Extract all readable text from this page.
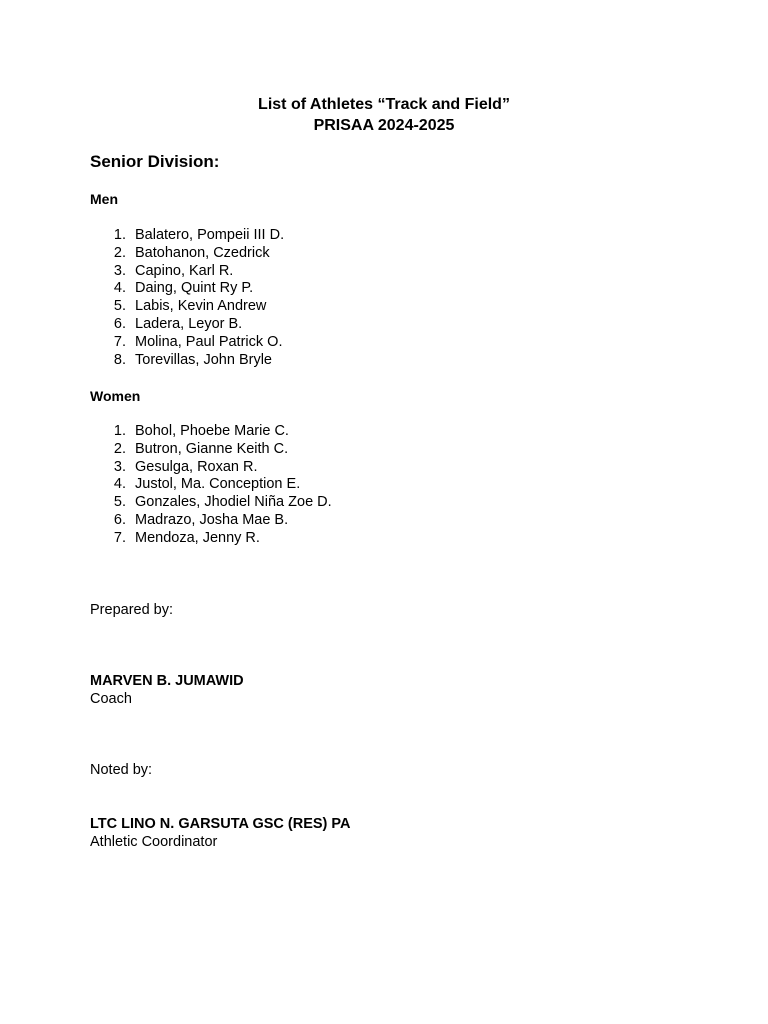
List of Athletes “Track and Field”
PRISAA 2024-2025
Senior Division:
Men
1. Balatero, Pompeii III D.
2. Batohanon, Czedrick
3. Capino, Karl R.
4. Daing, Quint Ry P.
5. Labis, Kevin Andrew
6. Ladera, Leyor B.
7. Molina, Paul Patrick O.
8. Torevillas, John Bryle
Women
1. Bohol, Phoebe Marie C.
2. Butron, Gianne Keith C.
3. Gesulga, Roxan R.
4. Justol, Ma. Conception E.
5. Gonzales, Jhodiel Niña Zoe D.
6. Madrazo, Josha Mae B.
7. Mendoza, Jenny R.
Prepared by:
MARVEN B. JUMAWID
Coach
Noted by:
LTC LINO N. GARSUTA GSC (RES) PA
Athletic Coordinator
